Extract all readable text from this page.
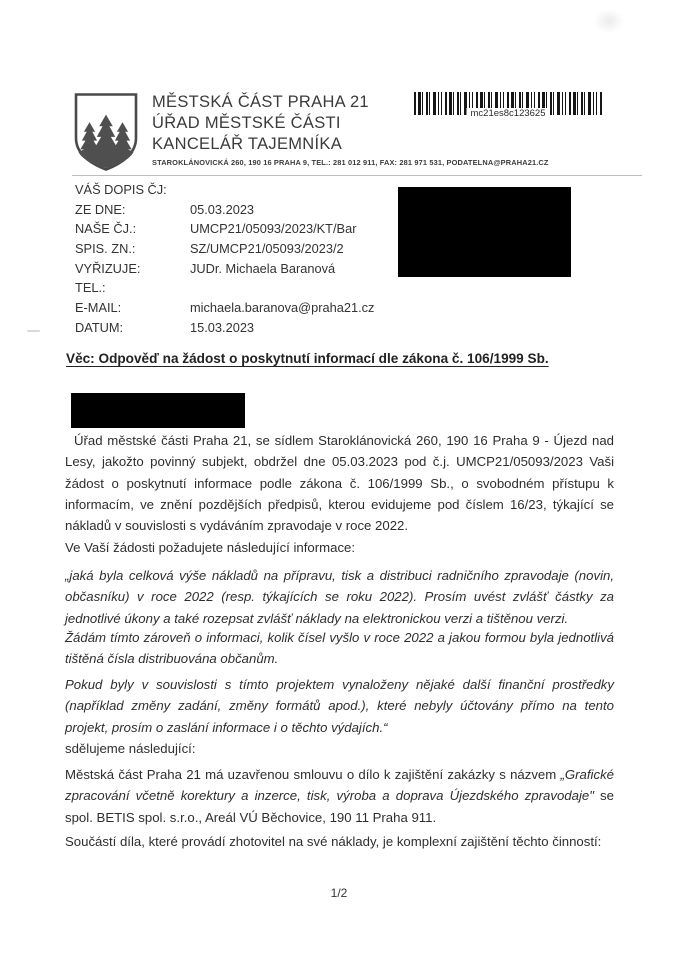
MĚSTSKÁ ČÁST PRAHA 21
ÚŘAD MĚSTSKÉ ČÁSTI
KANCELÁŘ TAJEMNÍKA
STAROKLÁNOVICKÁ 260, 190 16 PRAHA 9, TEL.: 281 012 911, FAX: 281 971 531, PODATELNA@PRAHA21.CZ
mc21es8c123625
VÁŠ DOPIS ČJ:
ZE DNE:	05.03.2023
NAŠE ČJ.:	UMCP21/05093/2023/KT/Bar
SPIS. ZN.:	SZ/UMCP21/05093/2023/2
VYŘIZUJE:	JUDr. Michaela Baranová
TEL.:
E-MAIL:	michaela.baranova@praha21.cz
DATUM:	15.03.2023
Věc: Odpověď na žádost o poskytnutí informací dle zákona č. 106/1999 Sb.

Úřad městské části Praha 21, se sídlem Staroklánovická 260, 190 16 Praha 9 - Újezd nad Lesy, jakožto povinný subjekt, obdržel dne 05.03.2023 pod č.j. UMCP21/05093/2023 Vaši žádost o poskytnutí informace podle zákona č. 106/1999 Sb., o svobodném přístupu k informacím, ve znění pozdějších předpisů, kterou evidujeme pod číslem 16/23, týkající se nákladů v souvislosti s vydáváním zpravodaje v roce 2022.

Ve Vaší žádosti požadujete následující informace:

„jaká byla celková výše nákladů na přípravu, tisk a distribuci radničního zpravodaje (novin, občasníku) v roce 2022 (resp. týkajících se roku 2022). Prosím uvést zvlášť částky za jednotlivé úkony a také rozepsat zvlášť náklady na elektronickou verzi a tištěnou verzi.

Žádám tímto zároveň o informaci, kolik čísel vyšlo v roce 2022 a jakou formou byla jednotlivá tištěná čísla distribuována občanům.

Pokud byly v souvislosti s tímto projektem vynaloženy nějaké další finanční prostředky (například změny zadání, změny formátů apod.), které nebyly účtovány přímo na tento projekt, prosím o zaslání informace i o těchto výdajích.“

sdělujeme následující:

Městská část Praha 21 má uzavřenou smlouvu o dílo k zajištění zakázky s názvem „Grafické zpracování včetně korektury a inzerce, tisk, výroba a doprava Újezdského zpravodaje" se spol. BETIS spol. s.r.o., Areál VÚ Běchovice, 190 11 Praha 911.

Součástí díla, které provádí zhotovitel na své náklady, je komplexní zajištění těchto činností:

1/2
